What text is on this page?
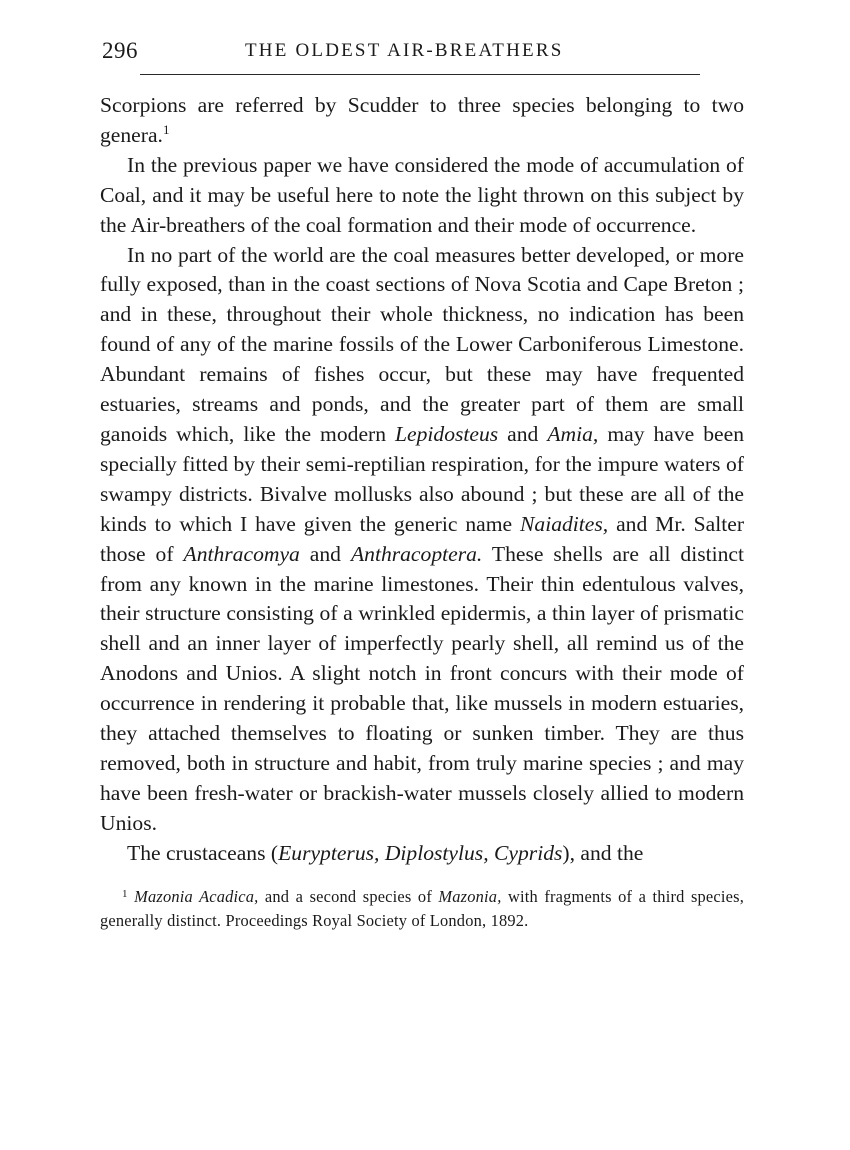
296	THE OLDEST AIR-BREATHERS

Scorpions are referred by Scudder to three species belonging to two genera.$^1$

In the previous paper we have considered the mode of accumulation of Coal, and it may be useful here to note the light thrown on this subject by the Air-breathers of the coal formation and their mode of occurrence.

In no part of the world are the coal measures better developed, or more fully exposed, than in the coast sections of Nova Scotia and Cape Breton ; and in these, throughout their whole thickness, no indication has been found of any of the marine fossils of the Lower Carboniferous Limestone. Abundant remains of fishes occur, but these may have frequented estuaries, streams and ponds, and the greater part of them are small ganoids which, like the modern Lepidosteus and Amia, may have been specially fitted by their semi-reptilian respiration, for the impure waters of swampy districts. Bivalve mollusks also abound ; but these are all of the kinds to which I have given the generic name Naiadites, and Mr. Salter those of Anthracomya and Anthracoptera. These shells are all distinct from any known in the marine limestones. Their thin edentulous valves, their structure consisting of a wrinkled epidermis, a thin layer of prismatic shell and an inner layer of imperfectly pearly shell, all remind us of the Anodons and Unios. A slight notch in front concurs with their mode of occurrence in rendering it probable that, like mussels in modern estuaries, they attached themselves to floating or sunken timber. They are thus removed, both in structure and habit, from truly marine species ; and may have been fresh-water or brackish-water mussels closely allied to modern Unios.

The crustaceans (Eurypterus, Diplostylus, Cyprids), and the

$^1$ Mazonia Acadica, and a second species of Mazonia, with fragments of a third species, generally distinct. Proceedings Royal Society of London, 1892.
